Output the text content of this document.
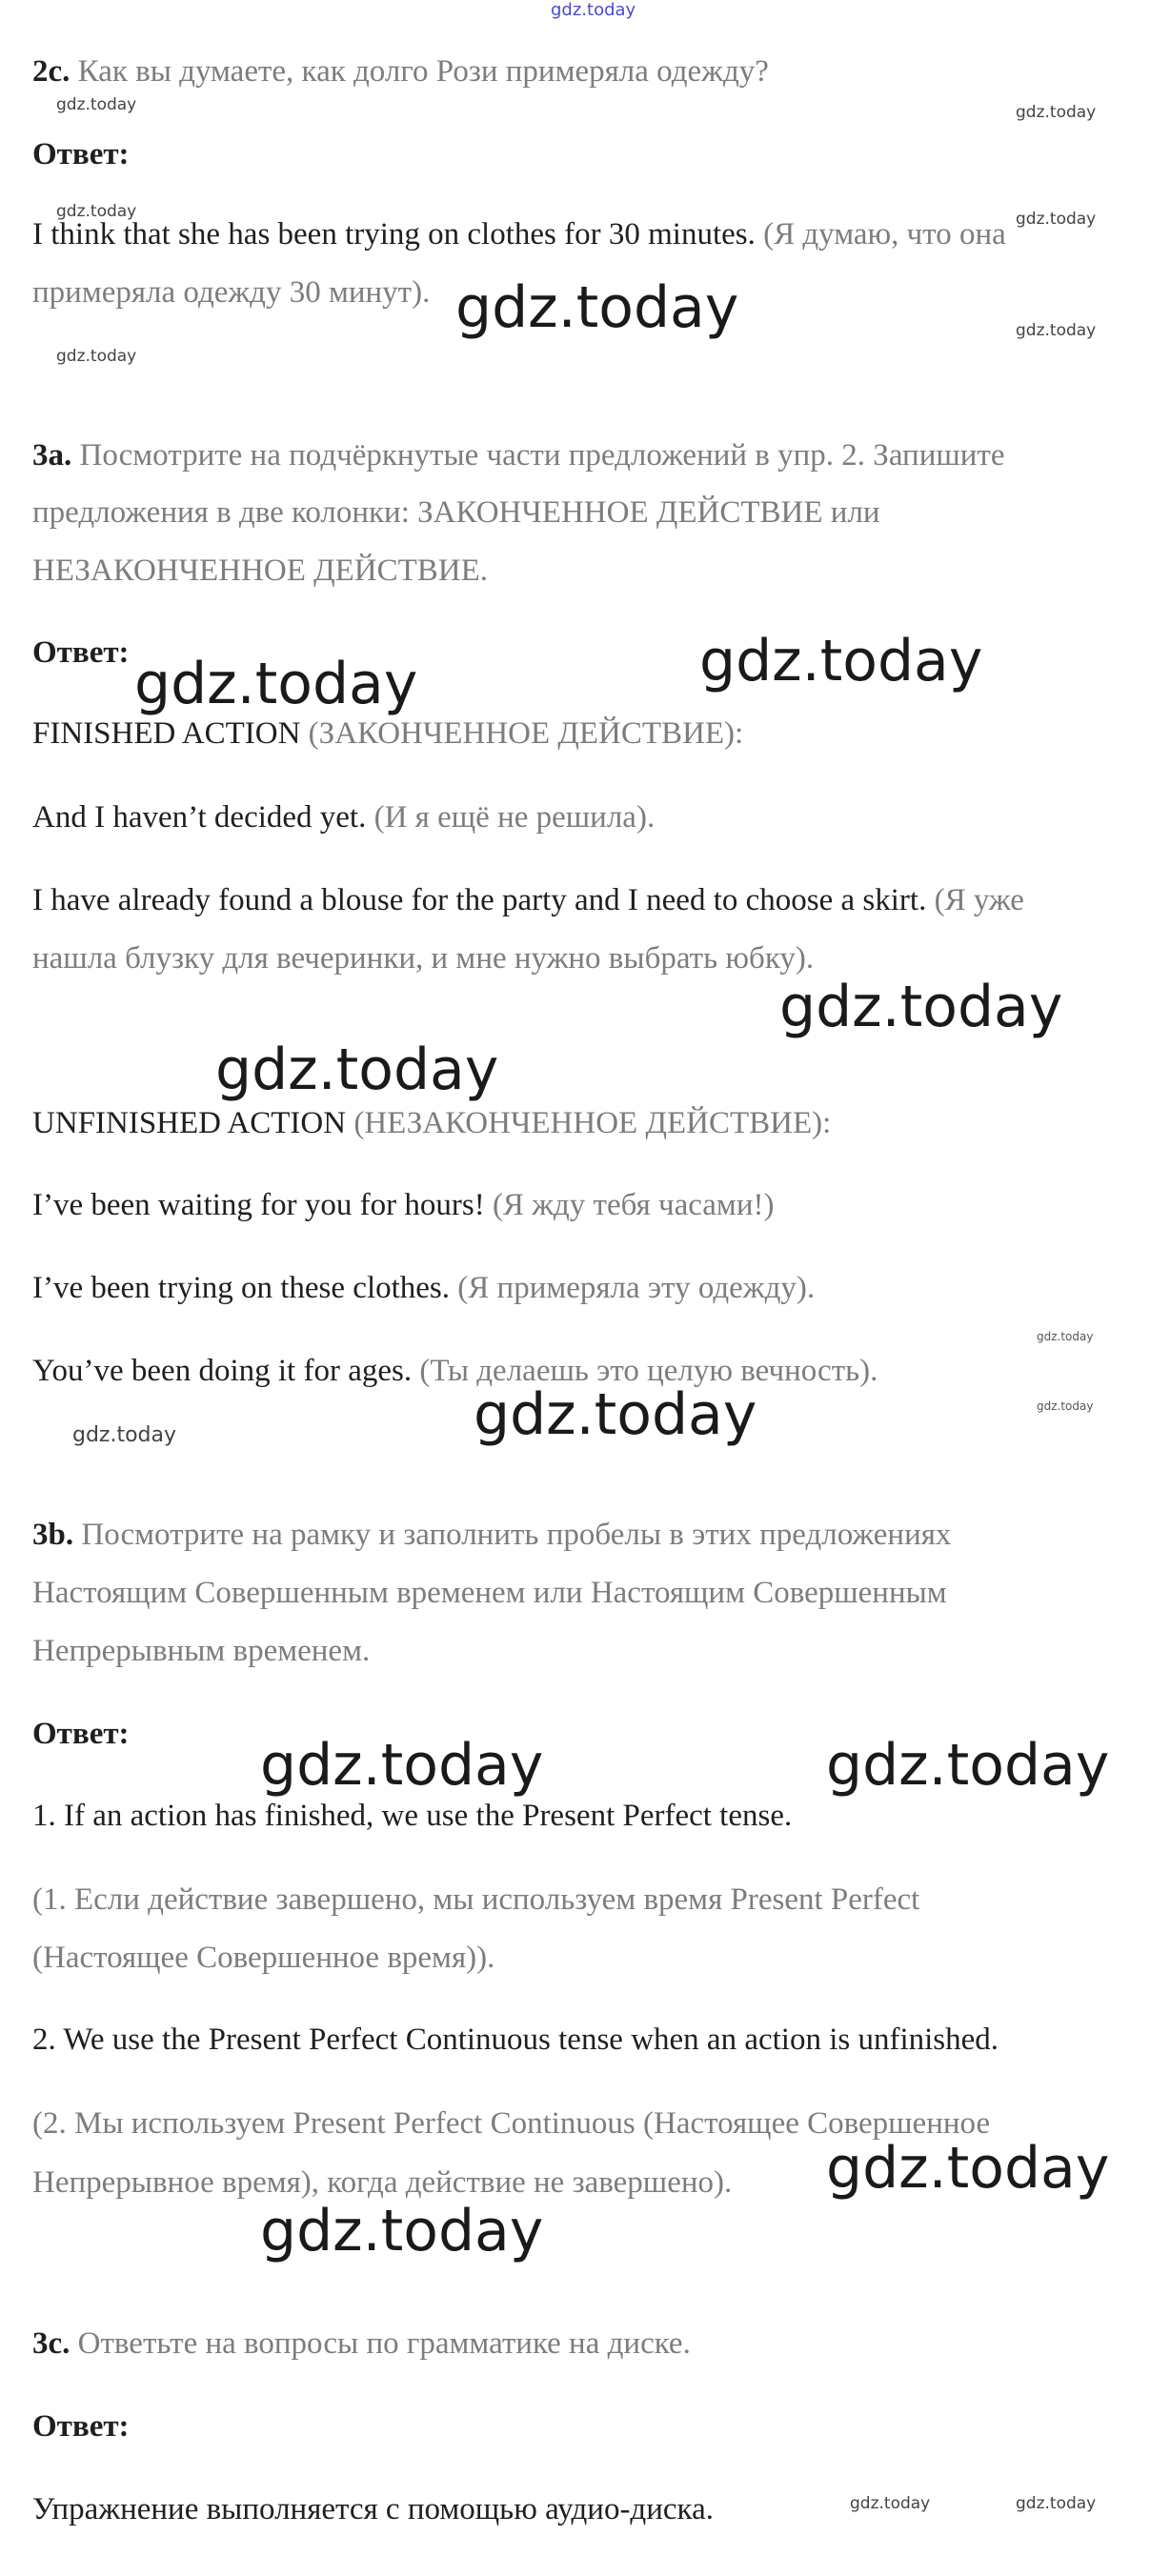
gdz.today
2c. Как вы думаете, как долго Рози примеряла одежду?
Ответ:
I think that she has been trying on clothes for 30 minutes. (Я думаю, что она
примеряла одежду 30 минут).
3a. Посмотрите на подчёркнутые части предложений в упр. 2. Запишите
предложения в две колонки: ЗАКОНЧЕННОЕ ДЕЙСТВИЕ или
НЕЗАКОНЧЕННОЕ ДЕЙСТВИЕ.
Ответ:
FINISHED ACTION (ЗАКОНЧЕННОЕ ДЕЙСТВИЕ):
And I haven’t decided yet. (И я ещё не решила).
I have already found a blouse for the party and I need to choose a skirt. (Я уже
нашла блузку для вечеринки, и мне нужно выбрать юбку).
UNFINISHED ACTION (НЕЗАКОНЧЕННОЕ ДЕЙСТВИЕ):
I’ve been waiting for you for hours! (Я жду тебя часами!)
I’ve been trying on these clothes. (Я примеряла эту одежду).
You’ve been doing it for ages. (Ты делаешь это целую вечность).
3b. Посмотрите на рамку и заполнить пробелы в этих предложениях
Настоящим Совершенным временем или Настоящим Совершенным
Непрерывным временем.
Ответ:
1. If an action has finished, we use the Present Perfect tense.
(1. Если действие завершено, мы используем время Present Perfect
(Настоящее Совершенное время)).
2. We use the Present Perfect Continuous tense when an action is unfinished.
(2. Мы используем Present Perfect Continuous (Настоящее Совершенное
Непрерывное время), когда действие не завершено).
3c. Ответьте на вопросы по грамматике на диске.
Ответ:
Упражнение выполняется с помощью аудио-диска.
gdz.today
gdz.today	gdz.today
gdz.today
gdz.today
gdz.today
gdz.today	gdz.today
gdz.today
gdz.today
gdz.today	gdz.today
gdz.today	gdz.today
gdz.today
gdz.today
gdz.today
gdz.today
gdz.today
gdz.today	gdz.today
